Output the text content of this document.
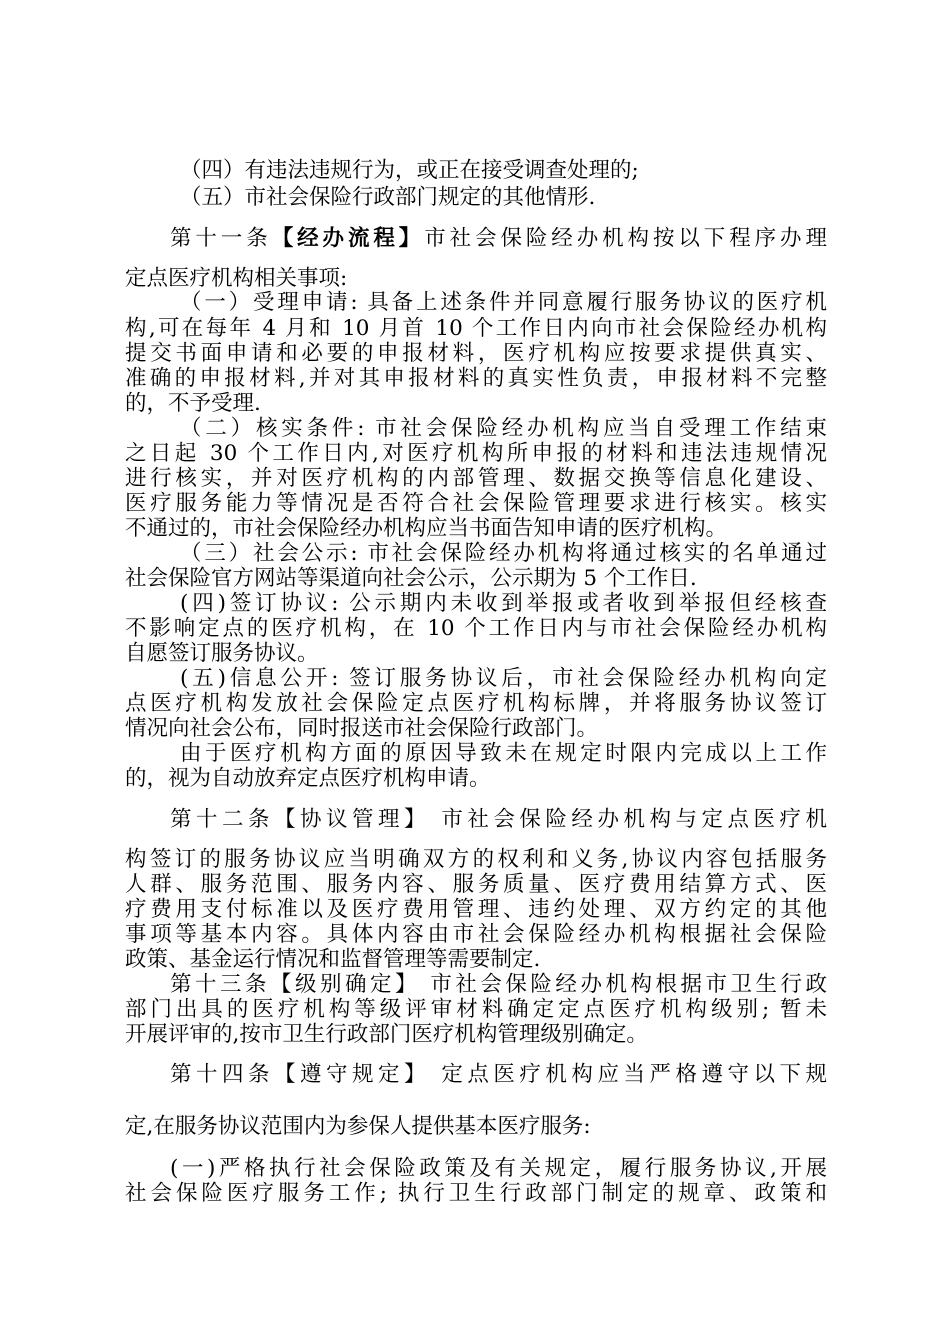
（四）有违法违规行为，或正在接受调查处理的;
（五）市社会保险行政部门规定的其他情形.
第十一条【经办流程】市社会保险经办机构按以下程序办理
定点医疗机构相关事项:
（一）受理申请: 具备上述条件并同意履行服务协议的医疗机
构,可在每年 4 月和 10 月首 10 个工作日内向市社会保险经办机构
提交书面申请和必要的申报材料，医疗机构应按要求提供真实、
准确的申报材料,并对其申报材料的真实性负责，申报材料不完整
的，不予受理.
（二）核实条件: 市社会保险经办机构应当自受理工作结束
之日起 30 个工作日内,对医疗机构所申报的材料和违法违规情况
进行核实，并对医疗机构的内部管理、数据交换等信息化建设、
医疗服务能力等情况是否符合社会保险管理要求进行核实。核实
不通过的，市社会保险经办机构应当书面告知申请的医疗机构。
（三）社会公示: 市社会保险经办机构将通过核实的名单通过
社会保险官方网站等渠道向社会公示，公示期为 5 个工作日.
(四)签订协议: 公示期内未收到举报或者收到举报但经核查
不影响定点的医疗机构，在 10 个工作日内与市社会保险经办机构
自愿签订服务协议。
(五)信息公开: 签订服务协议后，市社会保险经办机构向定
点医疗机构发放社会保险定点医疗机构标牌，并将服务协议签订
情况向社会公布，同时报送市社会保险行政部门。
由于医疗机构方面的原因导致未在规定时限内完成以上工作
的，视为自动放弃定点医疗机构申请。
第十二条【协议管理】 市社会保险经办机构与定点医疗机
构签订的服务协议应当明确双方的权利和义务,协议内容包括服务
人群、服务范围、服务内容、服务质量、医疗费用结算方式、医
疗费用支付标准以及医疗费用管理、违约处理、双方约定的其他
事项等基本内容。具体内容由市社会保险经办机构根据社会保险
政策、基金运行情况和监督管理等需要制定.
第十三条【级别确定】 市社会保险经办机构根据市卫生行政
部门出具的医疗机构等级评审材料确定定点医疗机构级别; 暂未
开展评审的,按市卫生行政部门医疗机构管理级别确定。
第十四条【遵守规定】 定点医疗机构应当严格遵守以下规
定,在服务协议范围内为参保人提供基本医疗服务:
(一)严格执行社会保险政策及有关规定，履行服务协议,开展
社会保险医疗服务工作; 执行卫生行政部门制定的规章、政策和
